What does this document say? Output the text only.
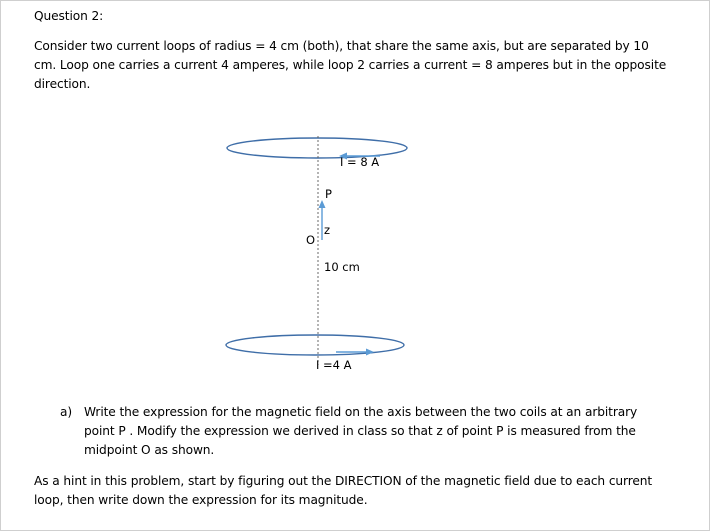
Question 2:
Consider two current loops of radius = 4 cm (both), that share the same axis, but are separated by 10
cm. Loop one carries a current 4 amperes, while loop 2 carries a current = 8 amperes but in the opposite
direction.
I = 8 A
P
z
O
10 cm
I =4 A
a) Write the expression for the magnetic field on the axis between the two coils at an arbitrary
point P . Modify the expression we derived in class so that z of point P is measured from the
midpoint O as shown.
As a hint in this problem, start by figuring out the DIRECTION of the magnetic field due to each current
loop, then write down the expression for its magnitude.
